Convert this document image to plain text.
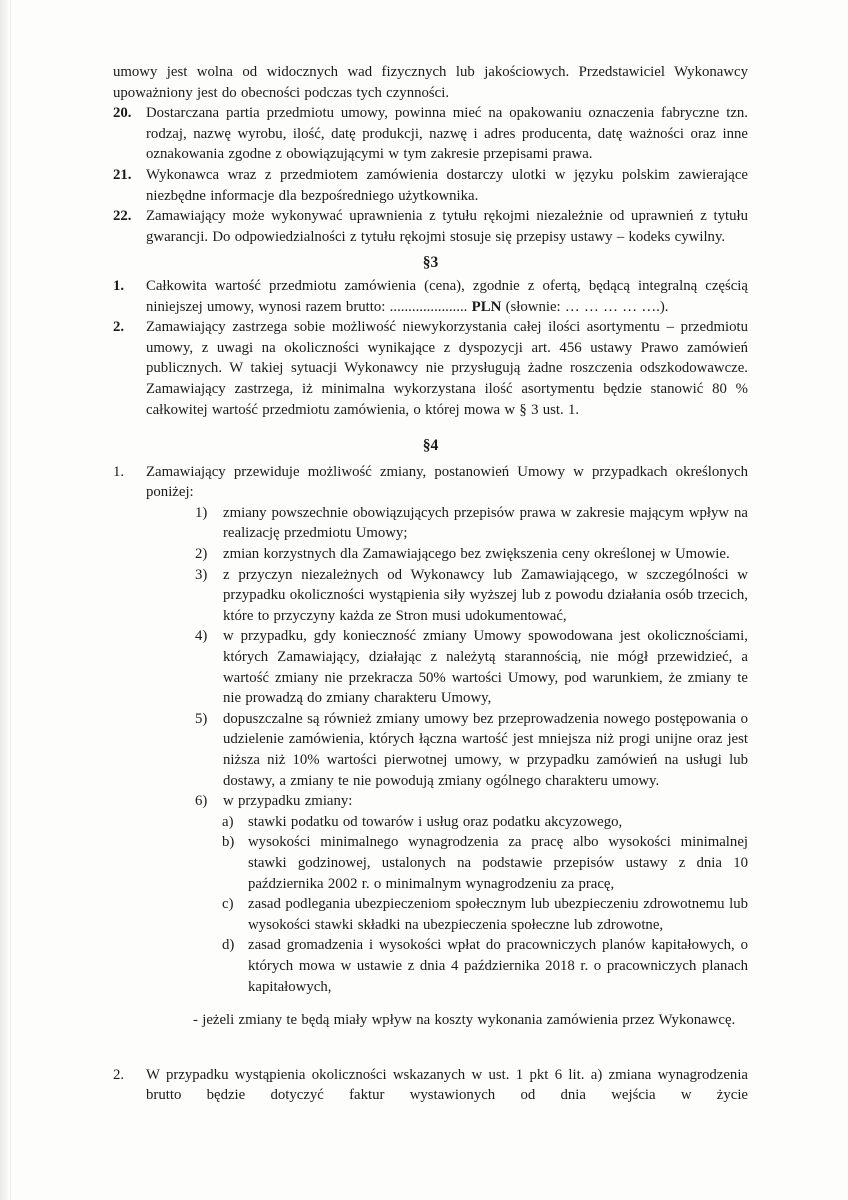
umowy jest wolna od widocznych wad fizycznych lub jakościowych. Przedstawiciel Wykonawcy upoważniony jest do obecności podczas tych czynności.

20. Dostarczana partia przedmiotu umowy, powinna mieć na opakowaniu oznaczenia fabryczne tzn. rodzaj, nazwę wyrobu, ilość, datę produkcji, nazwę i adres producenta, datę ważności oraz inne oznakowania zgodne z obowiązującymi w tym zakresie przepisami prawa.

21. Wykonawca wraz z przedmiotem zamówienia dostarczy ulotki w języku polskim zawierające niezbędne informacje dla bezpośredniego użytkownika.

22. Zamawiający może wykonywać uprawnienia z tytułu rękojmi niezależnie od uprawnień z tytułu gwarancji. Do odpowiedzialności z tytułu rękojmi stosuje się przepisy ustawy – kodeks cywilny.

§3

1. Całkowita wartość przedmiotu zamówienia (cena), zgodnie z ofertą, będącą integralną częścią niniejszej umowy, wynosi razem brutto: ..................... PLN (słownie: … … … … ….).

2. Zamawiający zastrzega sobie możliwość niewykorzystania całej ilości asortymentu – przedmiotu umowy, z uwagi na okoliczności wynikające z dyspozycji art. 456 ustawy Prawo zamówień publicznych. W takiej sytuacji Wykonawcy nie przysługują żadne roszczenia odszkodowawcze. Zamawiający zastrzega, iż minimalna wykorzystana ilość asortymentu będzie stanowić 80 % całkowitej wartość przedmiotu zamówienia, o której mowa w § 3 ust. 1.

§4

1. Zamawiający przewiduje możliwość zmiany, postanowień Umowy w przypadkach określonych poniżej:

1) zmiany powszechnie obowiązujących przepisów prawa w zakresie mającym wpływ na realizację przedmiotu Umowy;

2) zmian korzystnych dla Zamawiającego bez zwiększenia ceny określonej w Umowie.

3) z przyczyn niezależnych od Wykonawcy lub Zamawiającego, w szczególności w przypadku okoliczności wystąpienia siły wyższej lub z powodu działania osób trzecich, które to przyczyny każda ze Stron musi udokumentować,

4) w przypadku, gdy konieczność zmiany Umowy spowodowana jest okolicznościami, których Zamawiający, działając z należytą starannością, nie mógł przewidzieć, a wartość zmiany nie przekracza 50% wartości Umowy, pod warunkiem, że zmiany te nie prowadzą do zmiany charakteru Umowy,

5) dopuszczalne są również zmiany umowy bez przeprowadzenia nowego postępowania o udzielenie zamówienia, których łączna wartość jest mniejsza niż progi unijne oraz jest niższa niż 10% wartości pierwotnej umowy, w przypadku zamówień na usługi lub dostawy, a zmiany te nie powodują zmiany ogólnego charakteru umowy.

6) w przypadku zmiany:

a) stawki podatku od towarów i usług oraz podatku akcyzowego,

b) wysokości minimalnego wynagrodzenia za pracę albo wysokości minimalnej stawki godzinowej, ustalonych na podstawie przepisów ustawy z dnia 10 października 2002 r. o minimalnym wynagrodzeniu za pracę,

c) zasad podlegania ubezpieczeniom społecznym lub ubezpieczeniu zdrowotnemu lub wysokości stawki składki na ubezpieczenia społeczne lub zdrowotne,

d) zasad gromadzenia i wysokości wpłat do pracowniczych planów kapitałowych, o których mowa w ustawie z dnia 4 października 2018 r. o pracowniczych planach kapitałowych,

- jeżeli zmiany te będą miały wpływ na koszty wykonania zamówienia przez Wykonawcę.

2. W przypadku wystąpienia okoliczności wskazanych w ust. 1 pkt 6 lit. a) zmiana wynagrodzenia brutto będzie dotyczyć faktur wystawionych od dnia wejścia w życie
